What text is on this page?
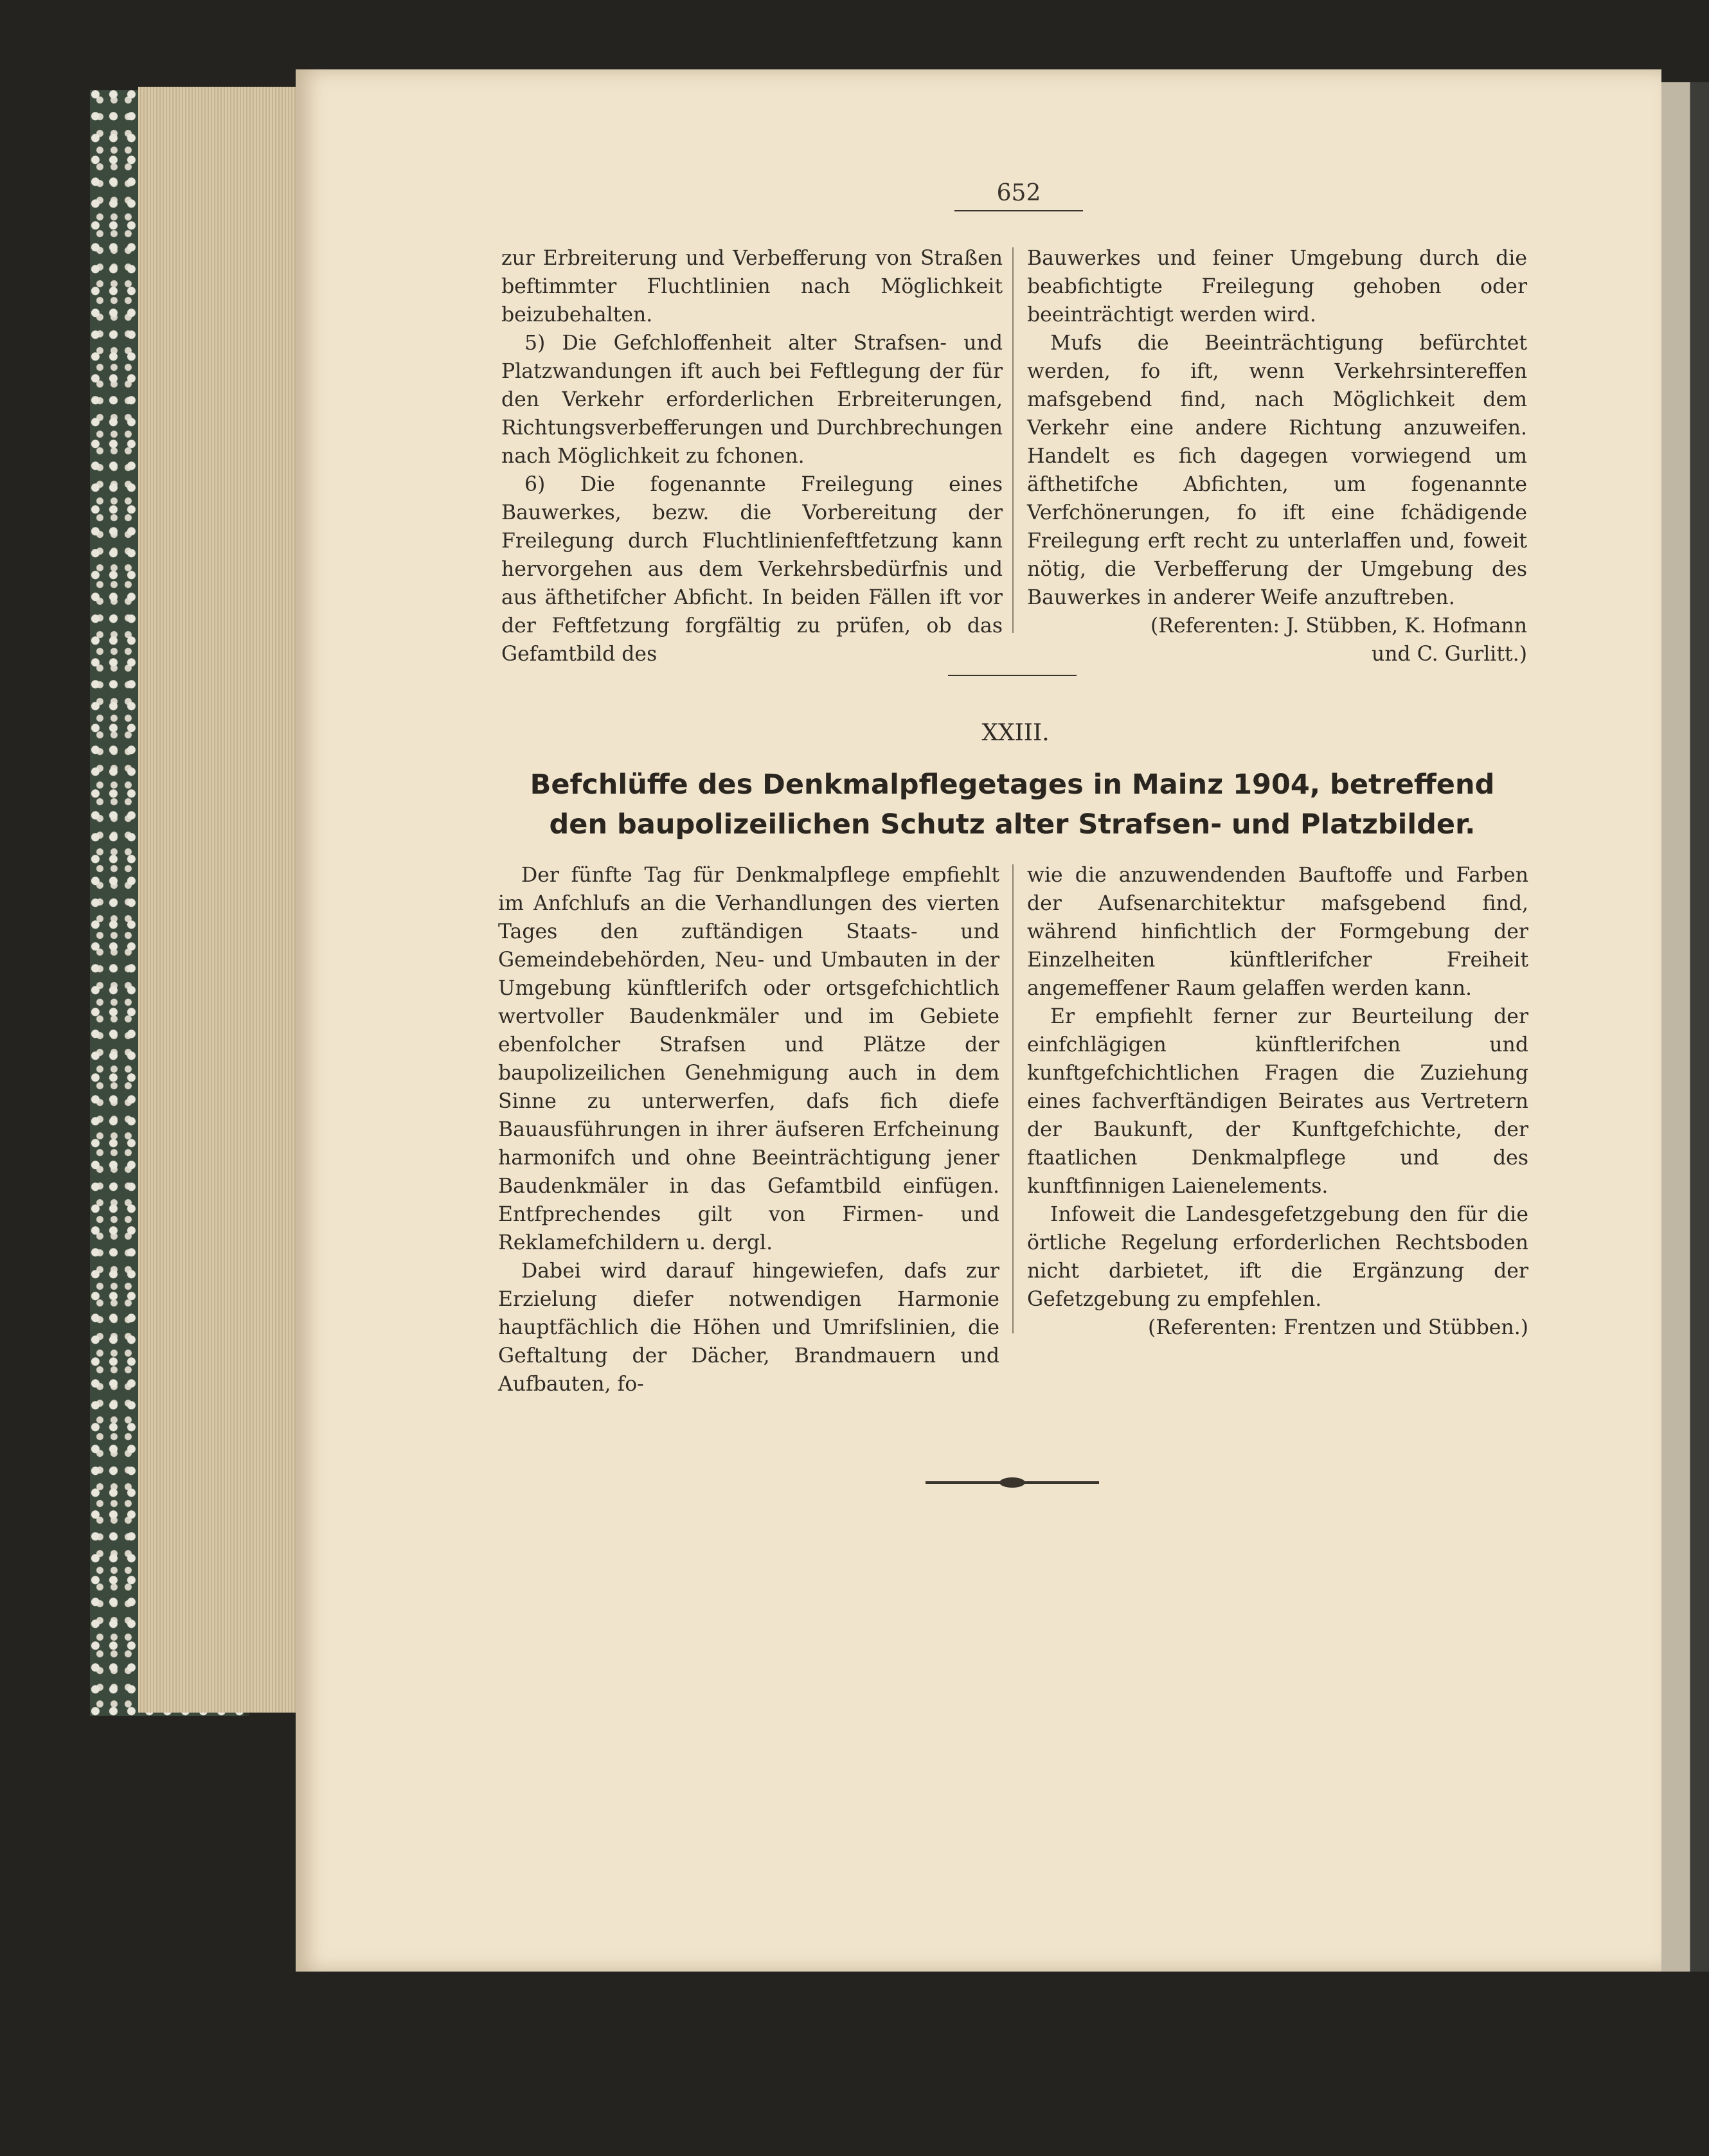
652

zur Erbreiterung und Verbefferung von Straßen beftimmter Fluchtlinien nach Möglichkeit beizubehalten.

5) Die Gefchloffenheit alter Strafsen- und Platzwandungen ift auch bei Feftlegung der für den Verkehr erforderlichen Erbreiterungen, Richtungsverbefferungen und Durchbrechungen nach Möglichkeit zu fchonen.

6) Die fogenannte Freilegung eines Bauwerkes, bezw. die Vorbereitung der Freilegung durch Fluchtlinienfeftfetzung kann hervorgehen aus dem Verkehrsbedürfnis und aus äfthetifcher Abficht. In beiden Fällen ift vor der Feftfetzung forgfältig zu prüfen, ob das Gefamtbild des

Bauwerkes und feiner Umgebung durch die beabfichtigte Freilegung gehoben oder beeinträchtigt werden wird.

Mufs die Beeinträchtigung befürchtet werden, fo ift, wenn Verkehrsintereffen mafsgebend find, nach Möglichkeit dem Verkehr eine andere Richtung anzuweifen. Handelt es fich dagegen vorwiegend um äfthetifche Abfichten, um fogenannte Verfchönerungen, fo ift eine fchädigende Freilegung erft recht zu unterlaffen und, foweit nötig, die Verbefferung der Umgebung des Bauwerkes in anderer Weife anzuftreben.

(Referenten: J. Stübben, K. Hofmann

und C. Gurlitt.)

XXIII.
Befchlüffe des Denkmalpflegetages in Mainz 1904, betreffend
den baupolizeilichen Schutz alter Strafsen- und Platzbilder.

Der fünfte Tag für Denkmalpflege empfiehlt im Anfchlufs an die Verhandlungen des vierten Tages den zuftändigen Staats- und Gemeindebehörden, Neu- und Umbauten in der Umgebung künftlerifch oder ortsgefchichtlich wertvoller Baudenkmäler und im Gebiete ebenfolcher Strafsen und Plätze der baupolizeilichen Genehmigung auch in dem Sinne zu unterwerfen, dafs fich diefe Bauausführungen in ihrer äufseren Erfcheinung harmonifch und ohne Beeinträchtigung jener Baudenkmäler in das Gefamtbild einfügen. Entfprechendes gilt von Firmen- und Reklamefchildern u. dergl.

Dabei wird darauf hingewiefen, dafs zur Erzielung diefer notwendigen Harmonie hauptfächlich die Höhen und Umrifslinien, die Geftaltung der Dächer, Brandmauern und Aufbauten, fo-

wie die anzuwendenden Bauftoffe und Farben der Aufsenarchitektur mafsgebend find, während hinfichtlich der Formgebung der Einzelheiten künftlerifcher Freiheit angemeffener Raum gelaffen werden kann.

Er empfiehlt ferner zur Beurteilung der einfchlägigen künftlerifchen und kunftgefchichtlichen Fragen die Zuziehung eines fachverftändigen Beirates aus Vertretern der Baukunft, der Kunftgefchichte, der ftaatlichen Denkmalpflege und des kunftfinnigen Laienelements.

Infoweit die Landesgefetzgebung den für die örtliche Regelung erforderlichen Rechtsboden nicht darbietet, ift die Ergänzung der Gefetzgebung zu empfehlen.

(Referenten: Frentzen und Stübben.)
